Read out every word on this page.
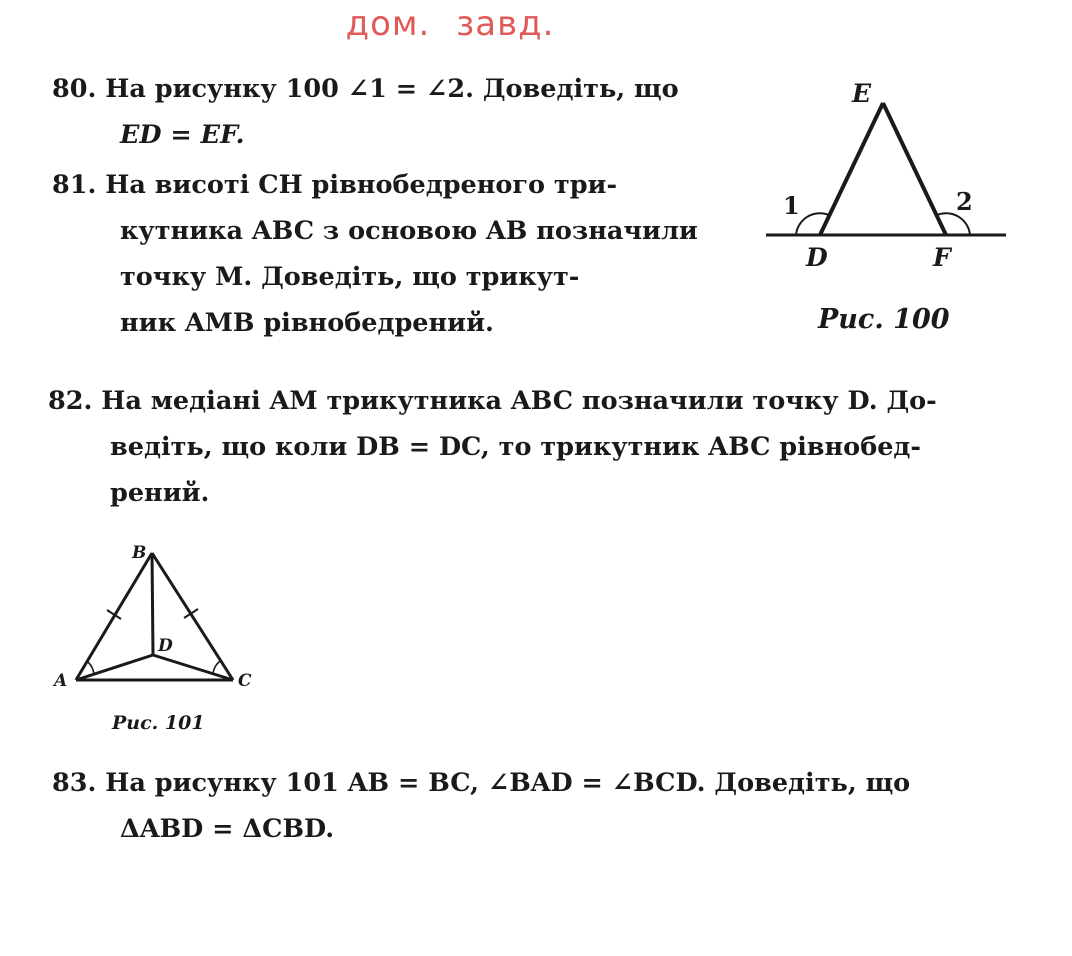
дом. завд.
80. На рисунку 100 ∠1 = ∠2. Доведіть, що
ED = EF.
81. На висоті CH рівнобедреного три-
кутника ABC з основою AB позначили
точку M. Доведіть, що трикут-
ник AMB рівнобедрений.
82. На медіані AM трикутника ABC позначили точку D. До-
ведіть, що коли DB = DC, то трикутник ABC рівнобед-
рений.
83. На рисунку 101 AB = BC, ∠BAD = ∠BCD. Доведіть, що
ΔABD = ΔCBD.
E
D	F
1	2
Рис. 100
B
D
A	C
Рис. 101
